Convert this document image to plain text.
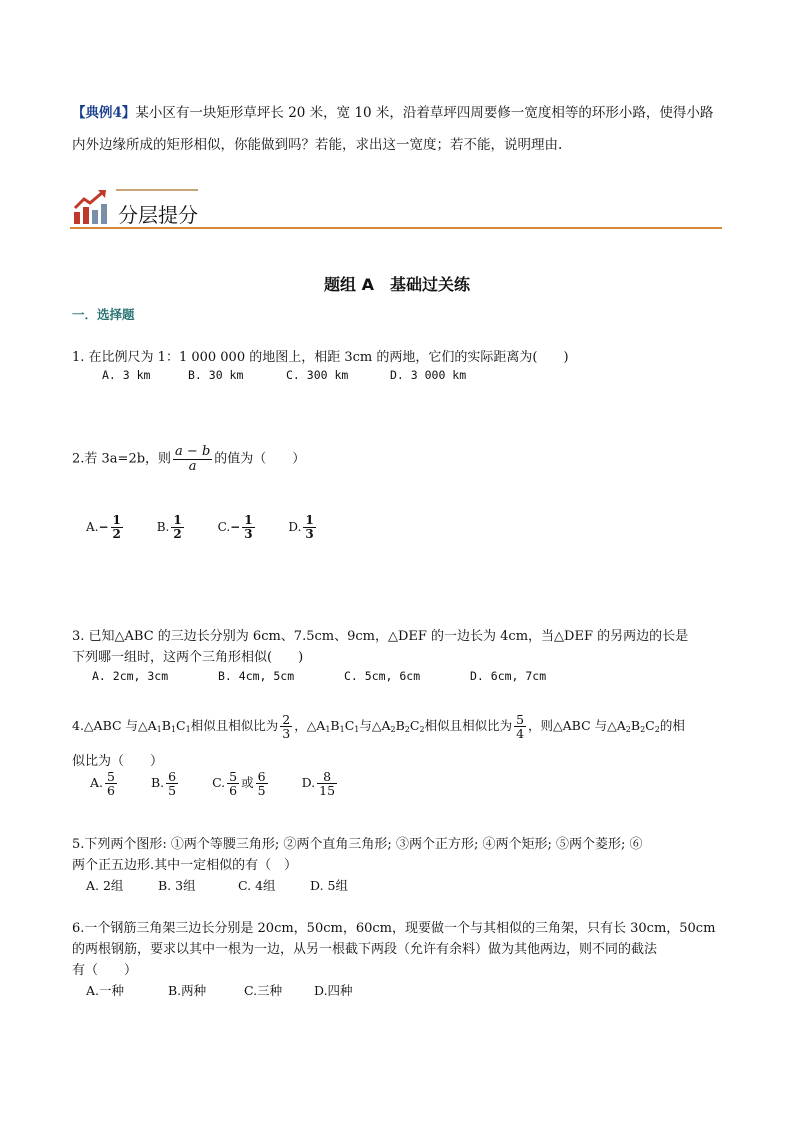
【典例4】某小区有一块矩形草坪长 20 米，宽 10 米，沿着草坪四周要修一宽度相等的环形小路，使得小路
内外边缘所成的矩形相似，你能做到吗？若能，求出这一宽度；若不能，说明理由.
分层提分
题组 A　基础过关练
一．选择题
1. 在比例尺为 1：1 000 000 的地图上，相距 3cm 的两地，它们的实际距离为(　　)
A. 3 km	B. 30 km	C. 300 km	D. 3 000 km
2.若 3a=2b，则 $\frac{a - b}{a}$ 的值为（　　）
$A.- \frac{1}{2}$	B. $\frac{1}{2}$	$C.- \frac{1}{3}$	D. $\frac{1}{3}$
3. 已知△ABC 的三边长分别为 6cm、7.5cm、9cm，△DEF 的一边长为 4cm，当△DEF 的另两边的长是
下列哪一组时，这两个三角形相似(　　)
A. 2cm, 3cm	B. 4cm, 5cm	C. 5cm, 6cm	D. 6cm, 7cm
4.△ABC 与$\triangle A_1B_1C_1$相似且相似比为 $\frac{2}{3}$ ，$\triangle A_1B_1C_1$与$\triangle A_2B_2C_2$相似且相似比为 $\frac{5}{4}$ ，则△ABC 与$\triangle A_2B_2C_2$的相
似比为（　　）
A. $\frac{5}{6}$	B. $\frac{6}{5}$	C. $\frac{5}{6}$ 或 $\frac{6}{5}$	D. $\frac{8}{15}$
5.下列两个图形: ①两个等腰三角形; ②两个直角三角形; ③两个正方形; ④两个矩形; ⑤两个菱形; ⑥
两个正五边形.其中一定相似的有（　）
A. 2组	B. 3组	C. 4组	D. 5组
6.一个钢筋三角架三边长分别是 20cm，50cm，60cm，现要做一个与其相似的三角架，只有长 30cm，50cm
的两根钢筋，要求以其中一根为一边，从另一根截下两段（允许有余料）做为其他两边，则不同的截法
有（　　）
A.一种	B.两种	C.三种	D.四种
